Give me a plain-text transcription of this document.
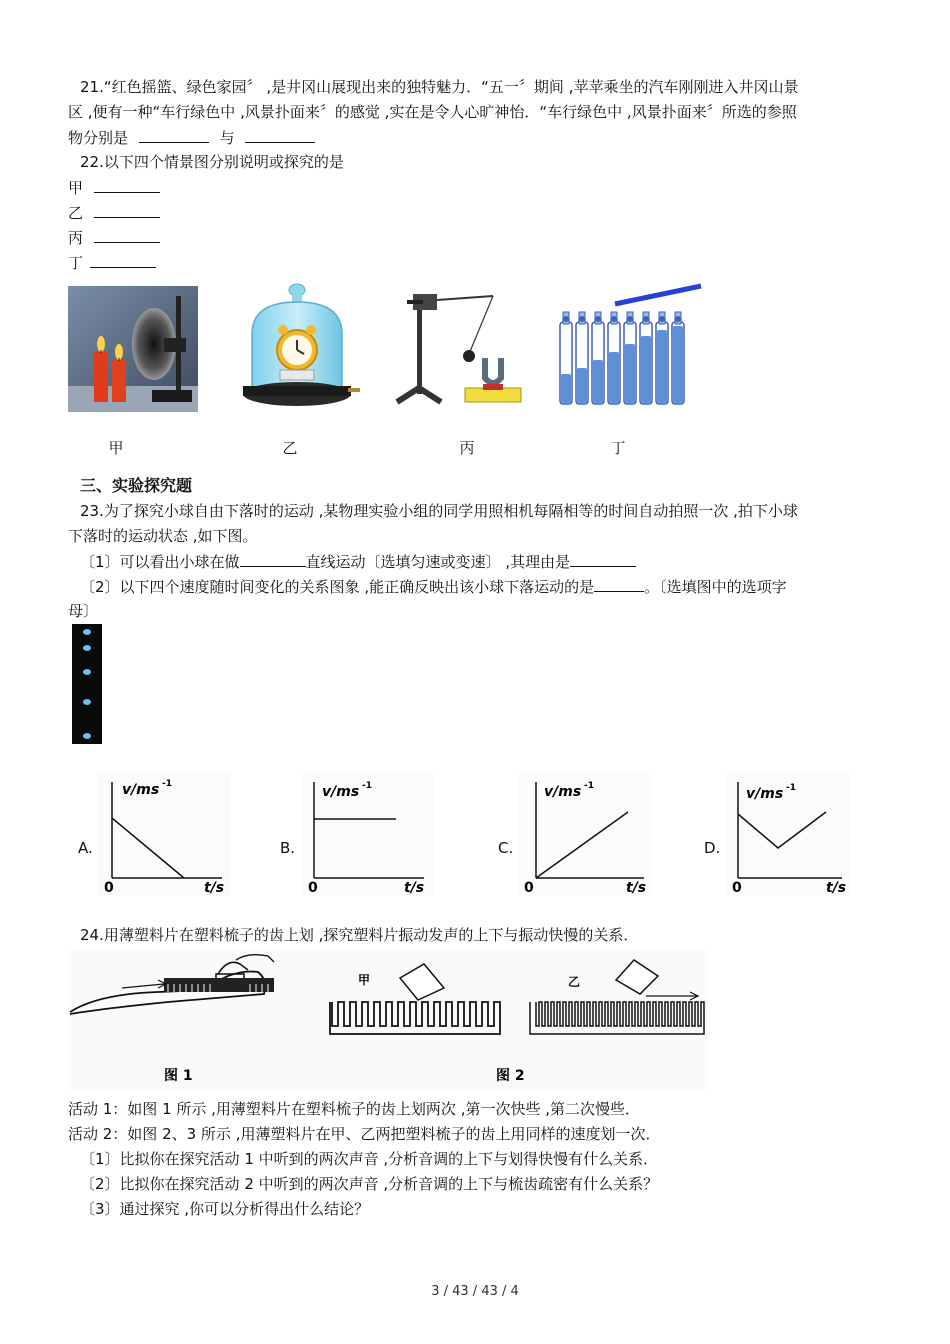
21.“红色摇篮、绿色家园〞 ,是井冈山展现出来的独特魅力．“五一〞期间 ,苹苹乘坐的汽车刚刚进入井冈山景
区 ,便有一种“车行绿色中 ,风景扑面来〞的感觉 ,实在是令人心旷神怡．“车行绿色中 ,风景扑面来〞所选的参照
物分别是	与
22.以下四个情景图分别说明或探究的是
甲
乙
丙
丁
甲	乙	丙	丁
三、实验探究题
23.为了探究小球自由下落时的运动 ,某物理实验小组的同学用照相机每隔相等的时间自动拍照一次 ,拍下小球
下落时的运动状态 ,如下图。
〔1〕可以看出小球在做	直线运动〔选填匀速或变速〕 ,其理由是
〔2〕以下四个速度随时间变化的关系图象 ,能正确反映出该小球下落运动的是	。〔选填图中的选项字
母〕
A.
v/ms -1
t/s
0
B.
v/ms -1
t/s
0
C.
v/ms -1
t/s
0
D.
v/ms -1
t/s
0
24.用薄塑料片在塑料梳子的齿上划 ,探究塑料片振动发声的上下与振动快慢的关系．
甲	乙
图 1	图 2
活动 1：如图 1 所示 ,用薄塑料片在塑料梳子的齿上划两次 ,第一次快些 ,第二次慢些．
活动 2：如图 2、3 所示 ,用薄塑料片在甲、乙两把塑料梳子的齿上用同样的速度划一次．
〔1〕比拟你在探究活动 1 中听到的两次声音 ,分析音调的上下与划得快慢有什么关系．
〔2〕比拟你在探究活动 2 中听到的两次声音 ,分析音调的上下与梳齿疏密有什么关系？
〔3〕通过探究 ,你可以分析得出什么结论？
3 / 43 / 43 / 4
